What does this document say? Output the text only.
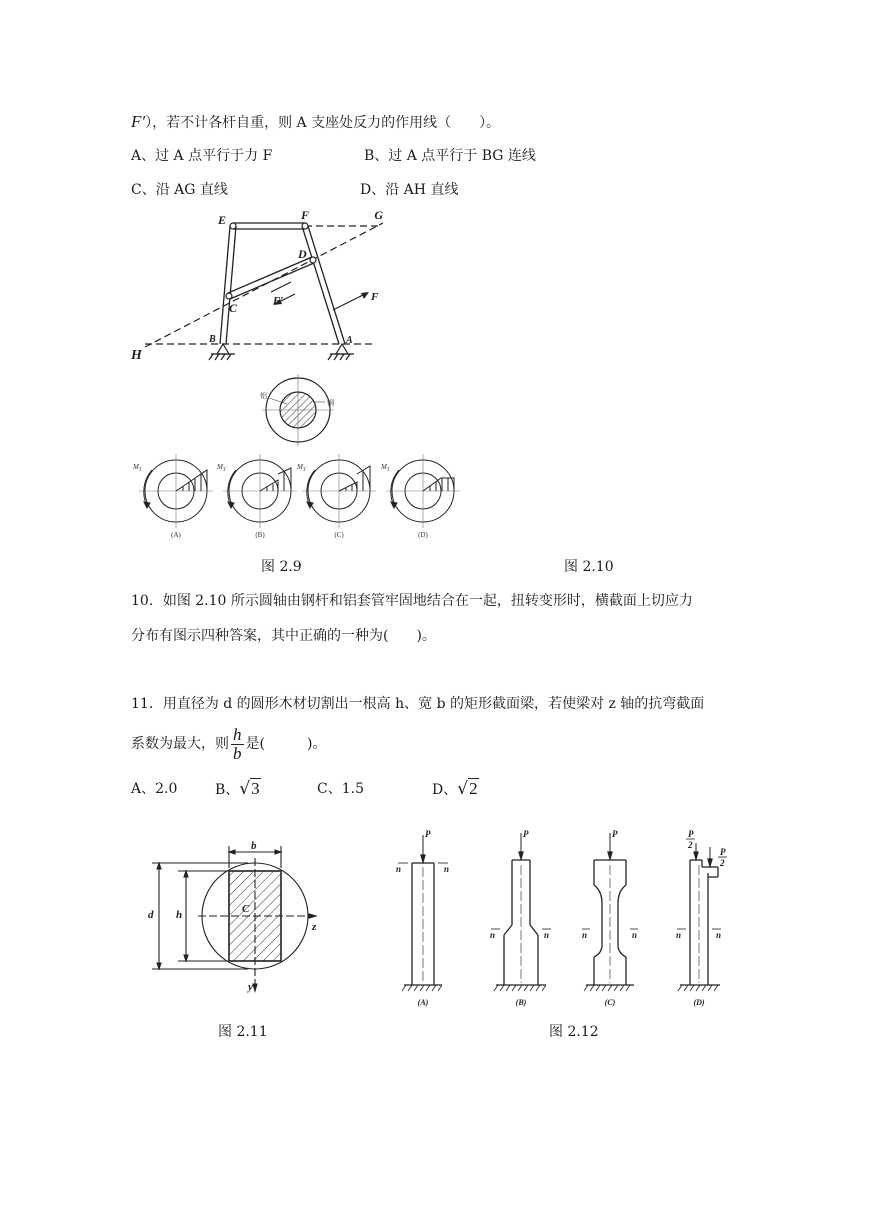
F′），若不计各杆自重，则 A 支座处反力的作用线（　　）。
A、过 A 点平行于力 F	B、过 A 点平行于 BG 连线
C、沿 AG 直线	D、沿 AH 直线
E	F	G
D
C	F′	F
H
B	A
铝
钢
$M_T$	$M_T$	$M_T$	$M_T$
(A)	(B)	(C)	(D)
图 2.9	图 2.10
10．如图 2.10 所示圆轴由钢杆和铝套管牢固地结合在一起，扭转变形时，横截面上切应力
分布有图示四种答案，其中正确的一种为(　　)。
11．用直径为 d 的圆形木材切割出一根高 h、宽 b 的矩形截面梁，若使梁对 z 轴的抗弯截面
系数为最大，则 $\frac{h}{b}$ 是(　　　)。
A、2.0	B、√3	C、1.5	D、√2
b
d h	C
z
y
P	P	P	P
2
P
2
n	n
n	n	n	n	n	n
(A)	(B)	(C)	(D)
图 2.11	图 2.12
